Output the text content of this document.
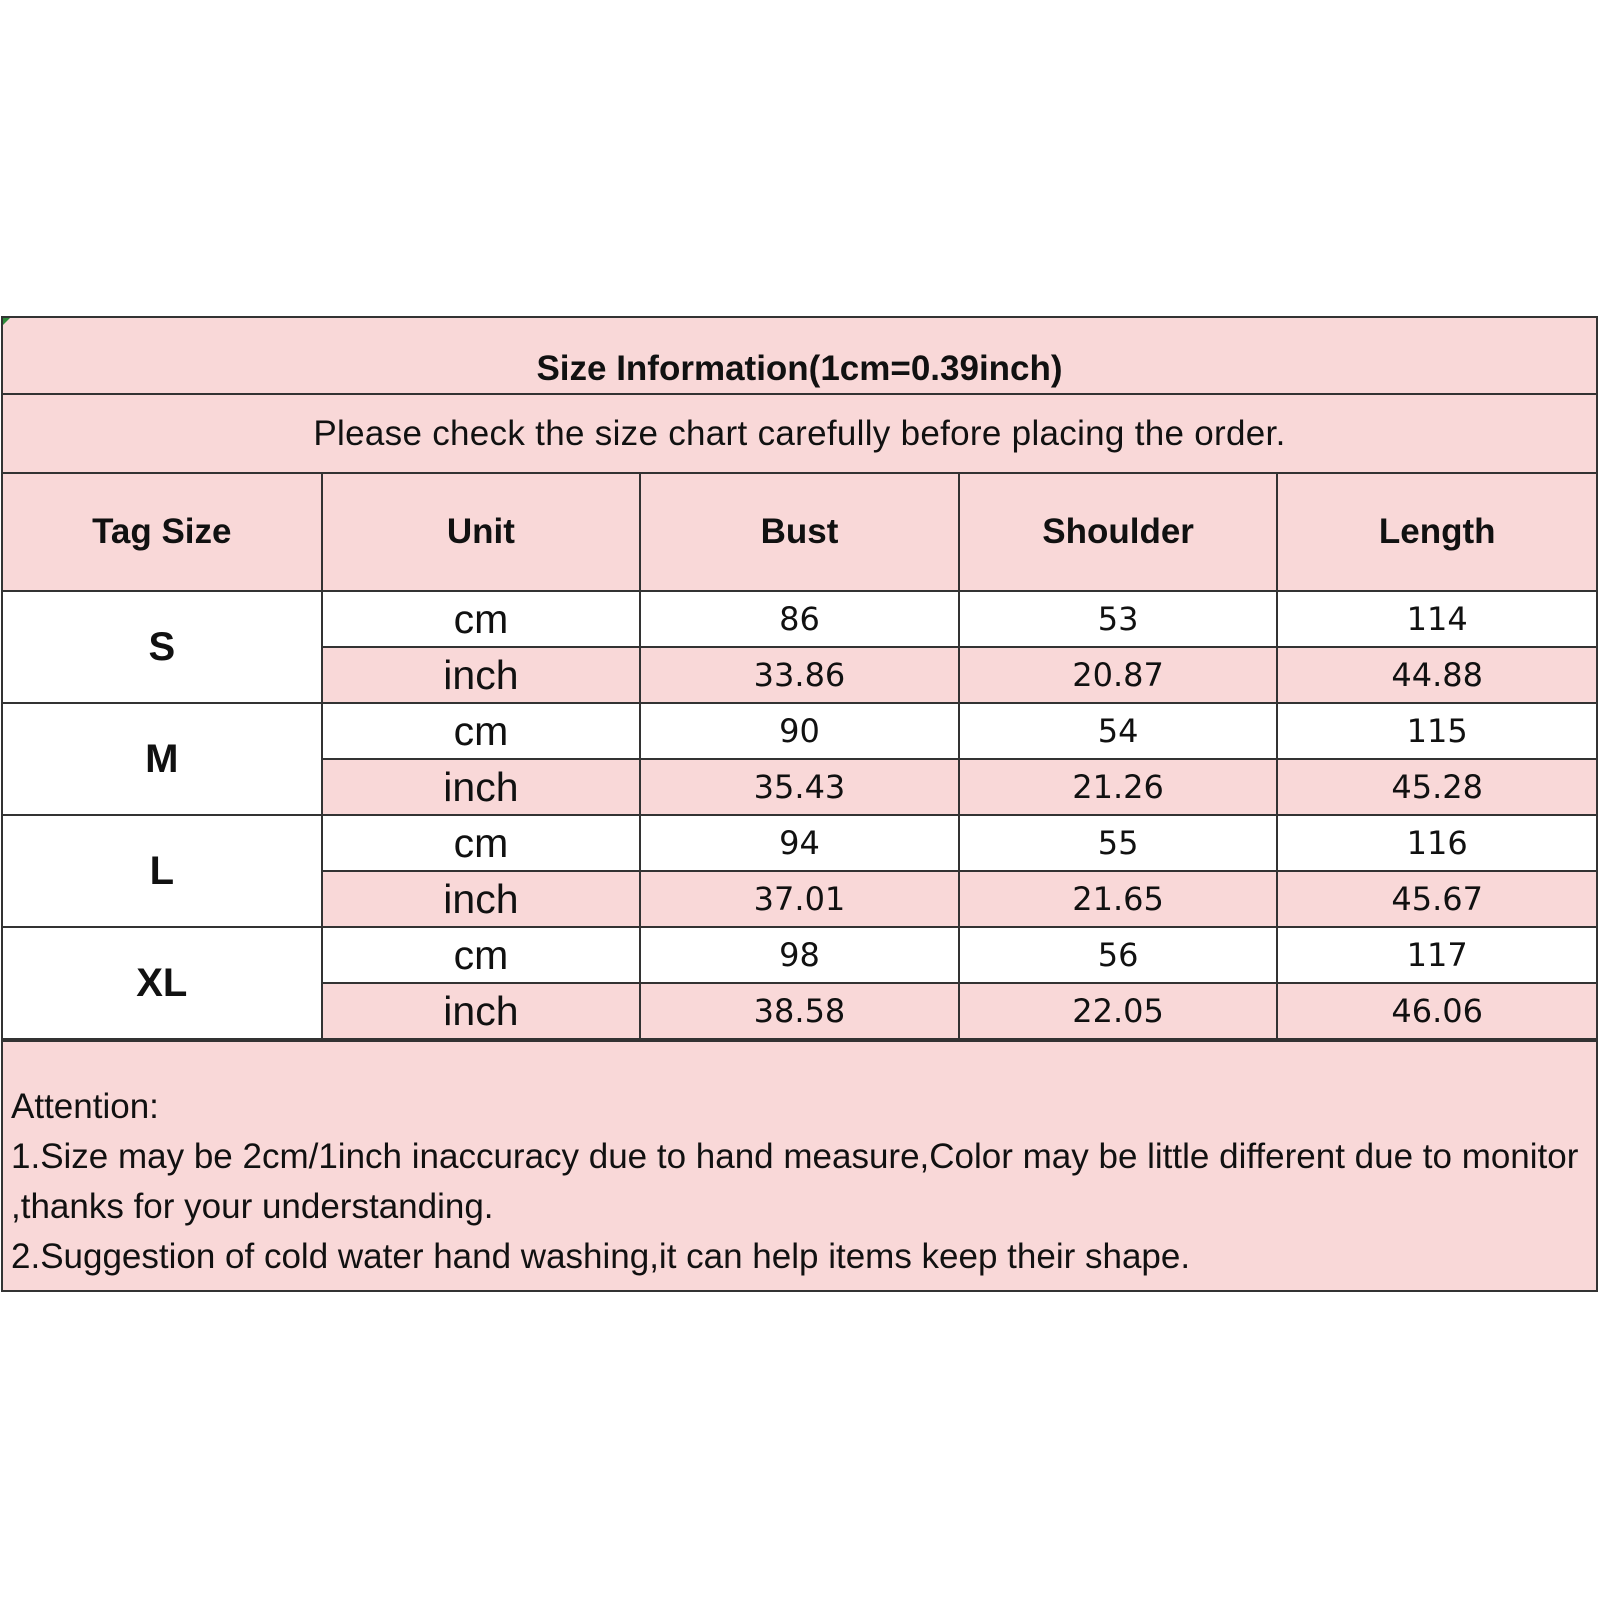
Size Information(1cm=0.39inch)
Please check the size chart carefully before placing the order.
Tag Size	Unit	Bust	Shoulder	Length
S	cm	86	53	114
	inch	33.86	20.87	44.88
M	cm	90	54	115
	inch	35.43	21.26	45.28
L	cm	94	55	116
	inch	37.01	21.65	45.67
XL	cm	98	56	117
	inch	38.58	22.05	46.06

Attention:

1.Size may be 2cm/1inch inaccuracy due to hand measure,Color may be little different due to monitor ,thanks for your understanding.

2.Suggestion of cold water hand washing,it can help items keep their shape.
